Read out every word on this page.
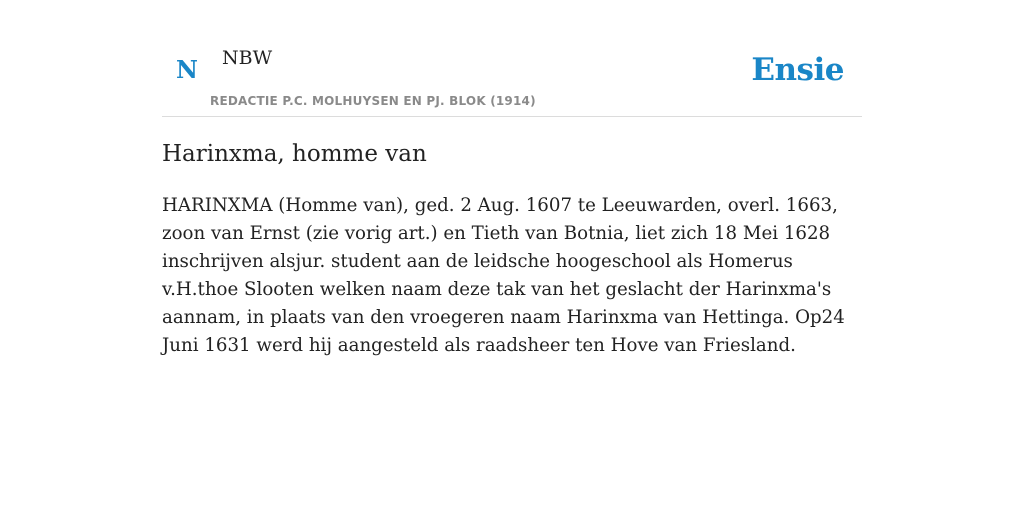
N NBW
REDACTIE P.C. MOLHUYSEN EN PJ. BLOK (1914)
Ensie
Harinxma, homme van

HARINXMA (Homme van), ged. 2 Aug. 1607 te Leeuwarden, overl. 1663, zoon van Ernst (zie vorig art.) en Tieth van Botnia, liet zich 18 Mei 1628 inschrijven alsjur. student aan de leidsche hoogeschool als Homerus v.H.thoe Slooten welken naam deze tak van het geslacht der Harinxma's aannam, in plaats van den vroegeren naam Harinxma van Hettinga. Op24 Juni 1631 werd hij aangesteld als raadsheer ten Hove van Friesland.
